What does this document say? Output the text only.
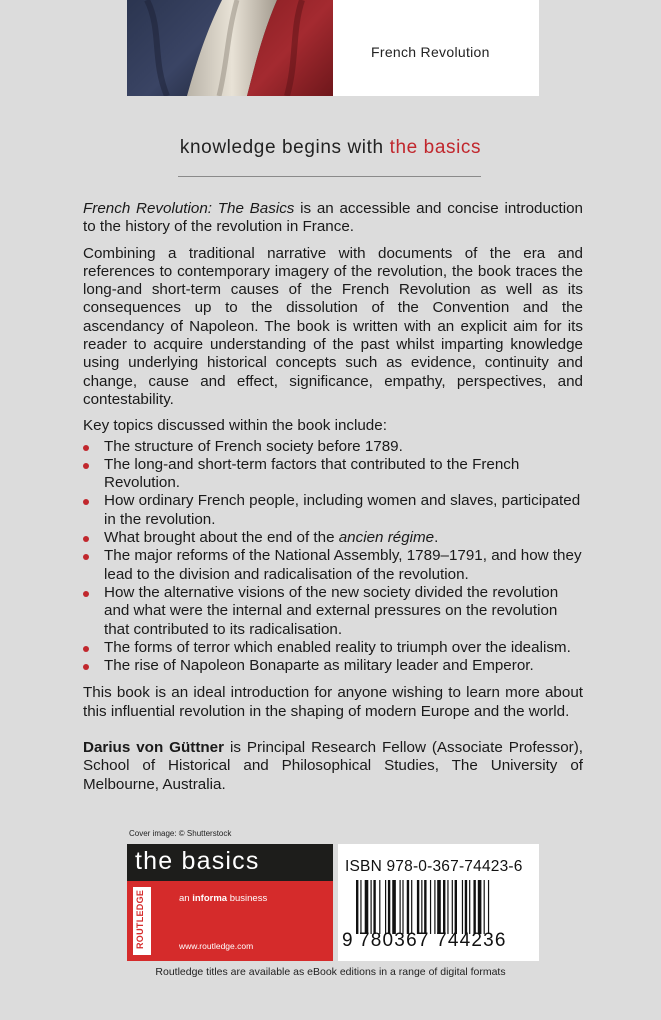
French Revolution
knowledge begins with the basics

French Revolution: The Basics is an accessible and concise introduction to the history of the revolution in France.

Combining a traditional narrative with documents of the era and references to contemporary imagery of the revolution, the book traces the long-and short-term causes of the French Revolution as well as its consequences up to the dissolution of the Convention and the ascendancy of Napoleon. The book is written with an explicit aim for its reader to acquire understanding of the past whilst imparting knowledge using underlying historical concepts such as evidence, continuity and change, cause and effect, significance, empathy, perspectives, and contestability.

Key topics discussed within the book include:

The structure of French society before 1789.
The long-and short-term factors that contributed to the French Revolution.
How ordinary French people, including women and slaves, participated in the revolution.
What brought about the end of the ancien régime.
The major reforms of the National Assembly, 1789–1791, and how they lead to the division and radicalisation of the revolution.
How the alternative visions of the new society divided the revolution and what were the internal and external pressures on the revolution that contributed to its radicalisation.
The forms of terror which enabled reality to triumph over the idealism.
The rise of Napoleon Bonaparte as military leader and Emperor.

This book is an ideal introduction for anyone wishing to learn more about this influential revolution in the shaping of modern Europe and the world.

Darius von Güttner is Principal Research Fellow (Associate Professor), School of Historical and Philosophical Studies, The University of Melbourne, Australia.

Cover image: © Shutterstock
the basics
ROUTLEDGE	an informa business
www.routledge.com
ISBN 978-0-367-74423-6
9 780367 744236
Routledge titles are available as eBook editions in a range of digital formats
